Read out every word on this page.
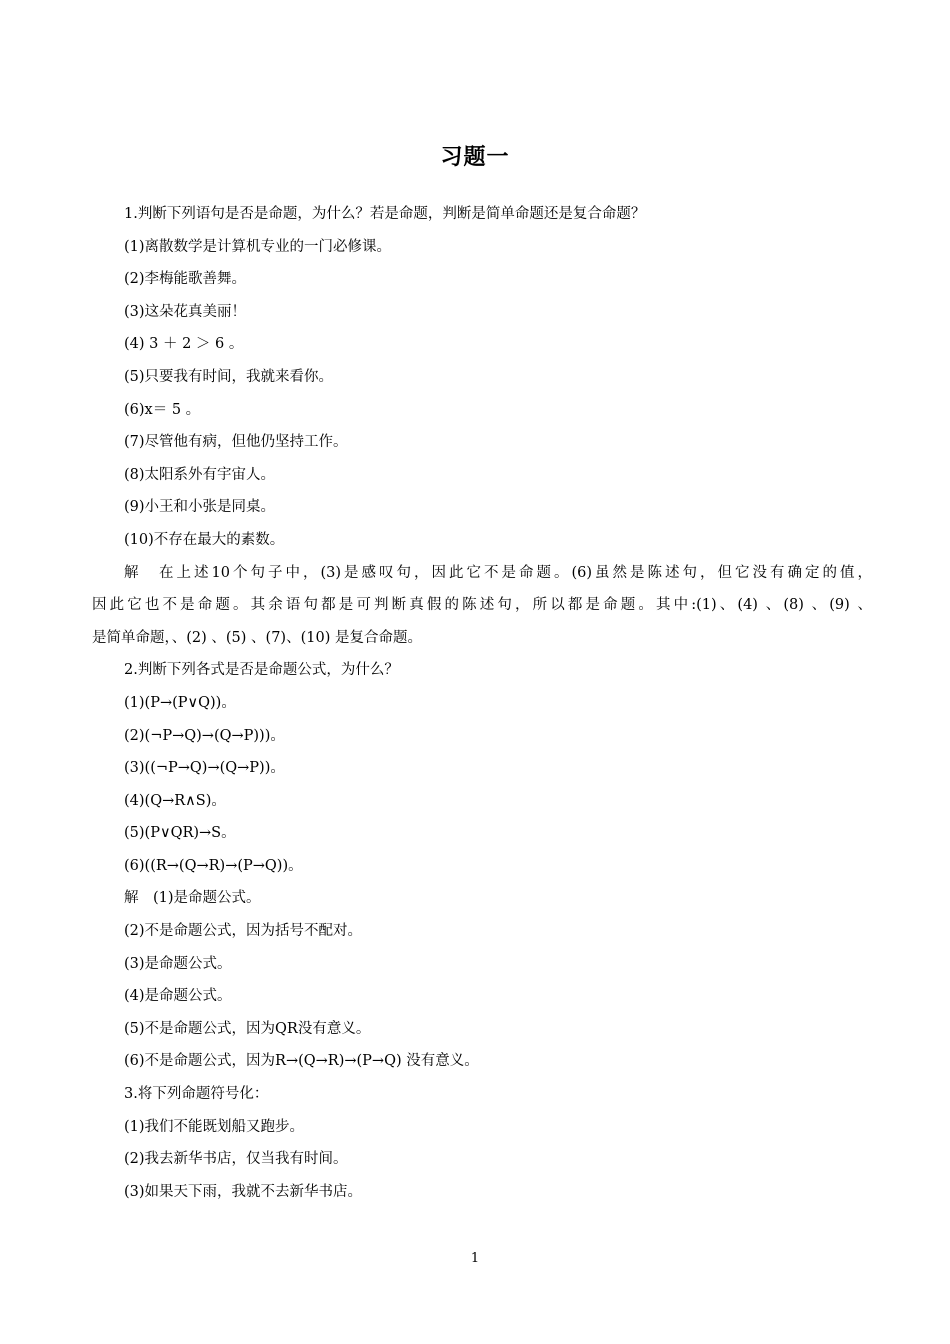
习题一
1.判断下列语句是否是命题，为什么？若是命题，判断是简单命题还是复合命题？
(1)离散数学是计算机专业的一门必修课。
(2)李梅能歌善舞。
(3)这朵花真美丽！
(4) 3 ＋ 2 ＞ 6 。
(5)只要我有时间，我就来看你。
(6)x＝ 5 。
(7)尽管他有病，但他仍坚持工作。
(8)太阳系外有宇宙人。
(9)小王和小张是同桌。
(10)不存在最大的素数。
解　在上述10个句子中，(3)是感叹句，因此它不是命题。(6)虽然是陈述句，但它没有确定的值，
因此它也不是命题。其余语句都是可判断真假的陈述句，所以都是命题。其中:(1)、(4) 、(8) 、(9) 、
是简单命题，、(2) 、(5) 、(7)、(10) 是复合命题。
2.判断下列各式是否是命题公式，为什么？
(1)(P→(P∨Q))。
(2)(¬P→Q)→(Q→P)))。
(3)((¬P→Q)→(Q→P))。
(4)(Q→R∧S)。
(5)(P∨QR)→S。
(6)((R→(Q→R)→(P→Q))。
解　(1)是命题公式。
(2)不是命题公式，因为括号不配对。
(3)是命题公式。
(4)是命题公式。
(5)不是命题公式，因为QR没有意义。
(6)不是命题公式，因为R→(Q→R)→(P→Q) 没有意义。
3.将下列命题符号化：
(1)我们不能既划船又跑步。
(2)我去新华书店，仅当我有时间。
(3)如果天下雨，我就不去新华书店。
1
